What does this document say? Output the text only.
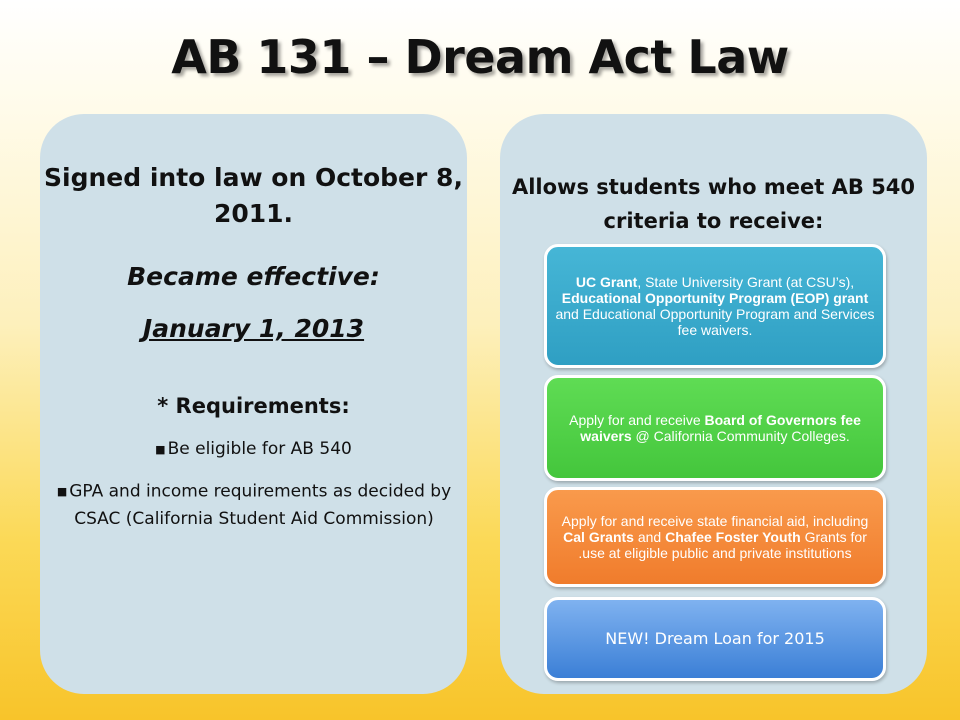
AB 131 – Dream Act Law
Signed into law on October 8, 2011.
Became effective:
January 1, 2013
* Requirements:
■ Be eligible for AB 540
■ GPA and income requirements as decided by CSAC (California Student Aid Commission)
Allows students who meet AB 540 criteria to receive:
UC Grant, State University Grant (at CSU’s), Educational Opportunity Program (EOP) grant and Educational Opportunity Program and Services fee waivers.
Apply for and receive Board of Governors fee waivers @ California Community Colleges.
Apply for and receive state financial aid, including Cal Grants and Chafee Foster Youth Grants for .use at eligible public and private institutions
NEW! Dream Loan for 2015
